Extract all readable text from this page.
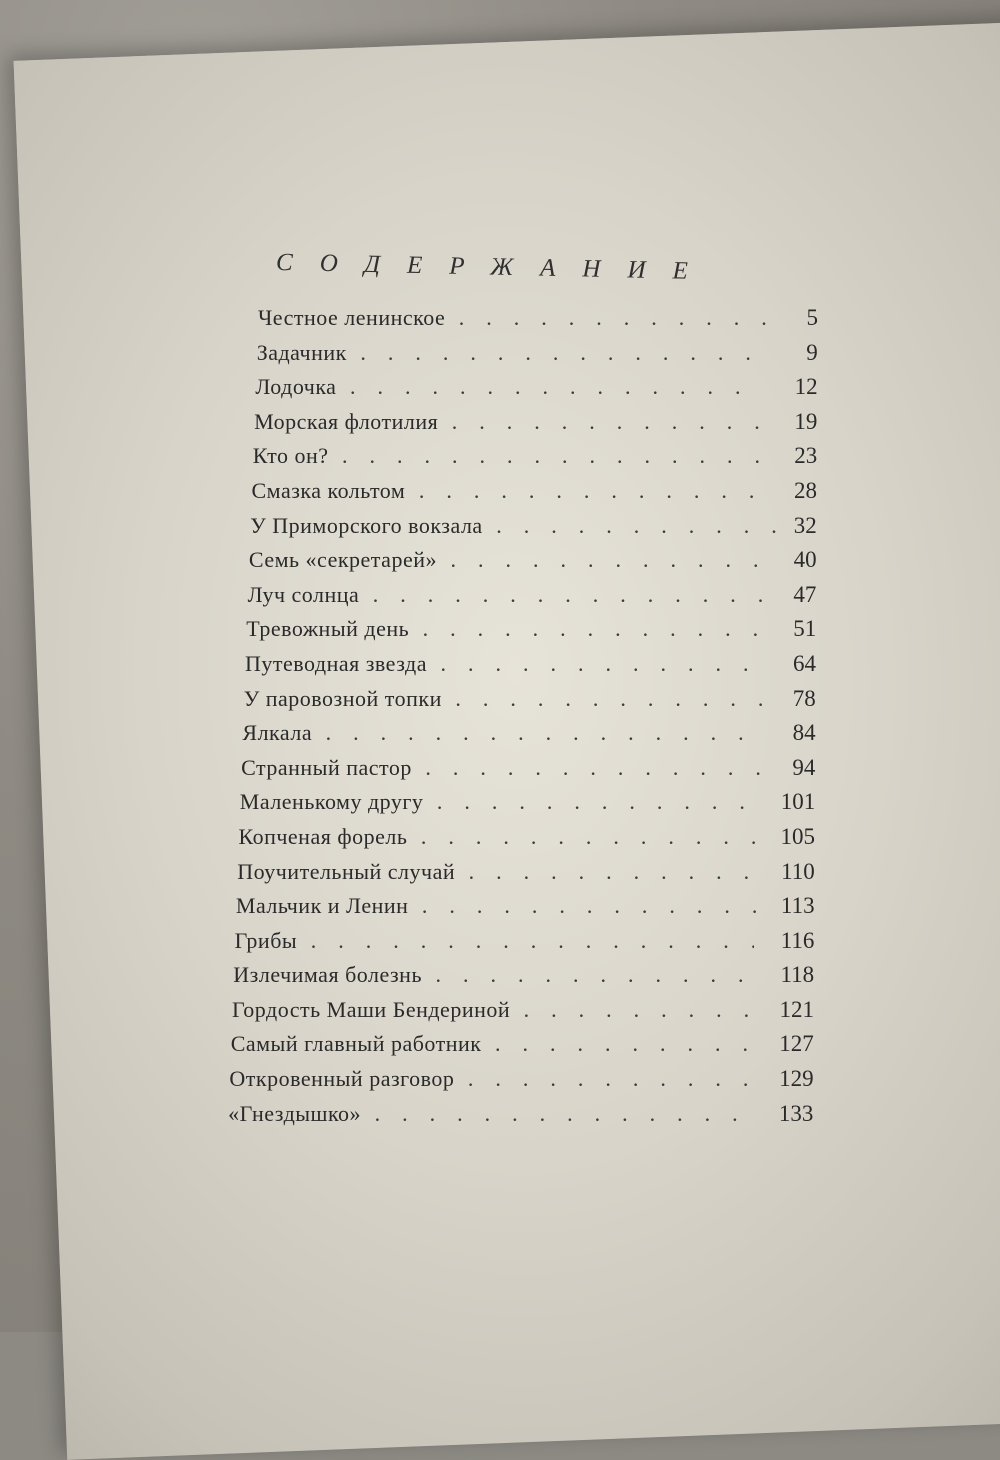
СОДЕРЖАНИЕ
Честное ленинское .	5
Задачник .	9
Лодочка .	12
Морская флотилия .	19
Кто он? .	23
Смазка кольтом .	28
У Приморского вокзала .	32
Семь «секретарей» .	40
Луч солнца .	47
Тревожный день .	51
Путеводная звезда .	64
У паровозной топки .	78
Ялкала .	84
Странный пастор .	94
Маленькому другу .	101
Копченая форель .	105
Поучительный случай .	110
Мальчик и Ленин .	113
Грибы .	116
Излечимая болезнь .	118
Гордость Маши Бендериной .	121
Самый главный работник .	127
Откровенный разговор .	129
«Гнездышко» .	133
